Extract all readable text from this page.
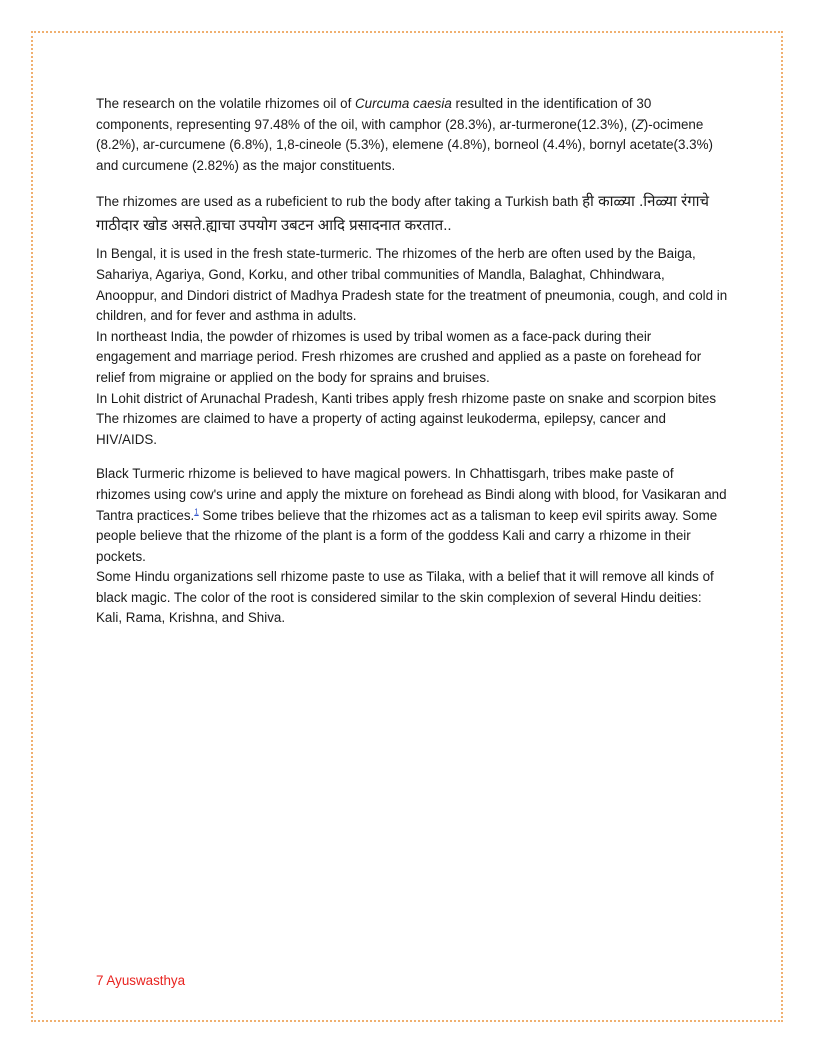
The research on the volatile rhizomes oil of Curcuma caesia resulted in the identification of 30 components, representing 97.48% of the oil, with camphor (28.3%), ar-turmerone(12.3%), (Z)-ocimene (8.2%), ar-curcumene (6.8%), 1,8-cineole (5.3%), elemene (4.8%), borneol (4.4%), bornyl acetate(3.3%) and curcumene (2.82%) as the major constituents.

The rhizomes are used as a rubeficient to rub the body after taking a Turkish bath ही काळ्या .निळ्या रंगाचे गाठीदार खोड असते.ह्याचा उपयोग उबटन आदि प्रसादनात करतात..

In Bengal, it is used in the fresh state-turmeric. The rhizomes of the herb are often used by the Baiga, Sahariya, Agariya, Gond, Korku, and other tribal communities of Mandla, Balaghat, Chhindwara, Anooppur, and Dindori district of Madhya Pradesh state for the treatment of pneumonia, cough, and cold in children, and for fever and asthma in adults.

In northeast India, the powder of rhizomes is used by tribal women as a face-pack during their engagement and marriage period. Fresh rhizomes are crushed and applied as a paste on forehead for relief from migraine or applied on the body for sprains and bruises.

In Lohit district of Arunachal Pradesh, Kanti tribes apply fresh rhizome paste on snake and scorpion bites

The rhizomes are claimed to have a property of acting against leukoderma, epilepsy, cancer and HIV/AIDS.

Black Turmeric rhizome is believed to have magical powers. In Chhattisgarh, tribes make paste of rhizomes using cow's urine and apply the mixture on forehead as Bindi along with blood, for Vasikaran and Tantra practices.$^1$ Some tribes believe that the rhizomes act as a talisman to keep evil spirits away. Some people believe that the rhizome of the plant is a form of the goddess Kali and carry a rhizome in their pockets.

Some Hindu organizations sell rhizome paste to use as Tilaka, with a belief that it will remove all kinds of black magic. The color of the root is considered similar to the skin complexion of several Hindu deities: Kali, Rama, Krishna, and Shiva.

7 Ayuswasthya
